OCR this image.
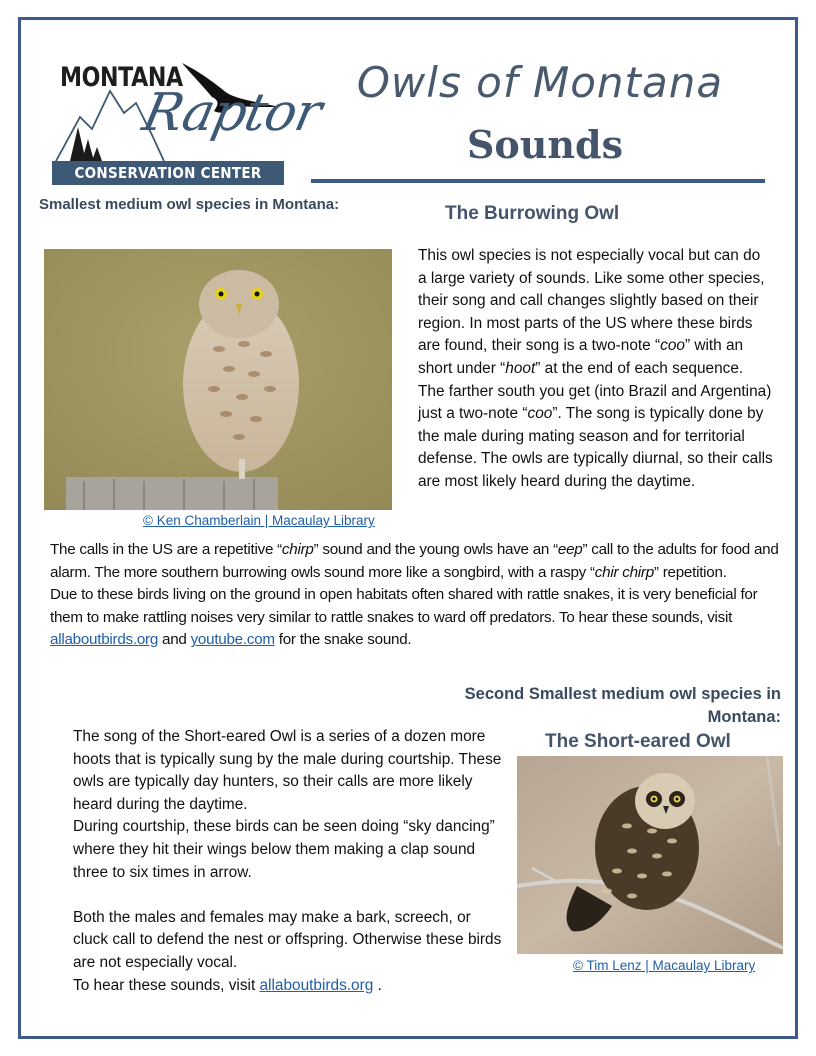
MONTANA
Raptor
CONSERVATION CENTER
Owls of Montana
Sounds
Smallest medium owl species in Montana:	The Burrowing Owl
© Ken Chamberlain | Macaulay Library
This owl species is not especially vocal but can do a large variety of sounds. Like some other species, their song and call changes slightly based on their region. In most parts of the US where these birds are found, their song is a two-note “coo” with an short under “hoot” at the end of each sequence.
The farther south you get (into Brazil and Argentina) just a two-note “coo”. The song is typically done by the male during mating season and for territorial defense. The owls are typically diurnal, so their calls are most likely heard during the daytime.
The calls in the US are a repetitive “chirp” sound and the young owls have an “eep” call to the adults for food and alarm. The more southern burrowing owls sound more like a songbird, with a raspy “chir chirp” repetition.
Due to these birds living on the ground in open habitats often shared with rattle snakes, it is very beneficial for them to make rattling noises very similar to rattle snakes to ward off predators. To hear these sounds, visit allaboutbirds.org and youtube.com for the snake sound.
Second Smallest medium owl species in Montana:
The Short-eared Owl
The song of the Short-eared Owl is a series of a dozen more hoots that is typically sung by the male during courtship. These owls are typically day hunters, so their calls are more likely heard during the daytime.
During courtship, these birds can be seen doing “sky dancing” where they hit their wings below them making a clap sound three to six times in arrow.
Both the males and females may make a bark, screech, or cluck call to defend the nest or offspring. Otherwise these birds are not especially vocal.
To hear these sounds, visit allaboutbirds.org .
© Tim Lenz | Macaulay Library
